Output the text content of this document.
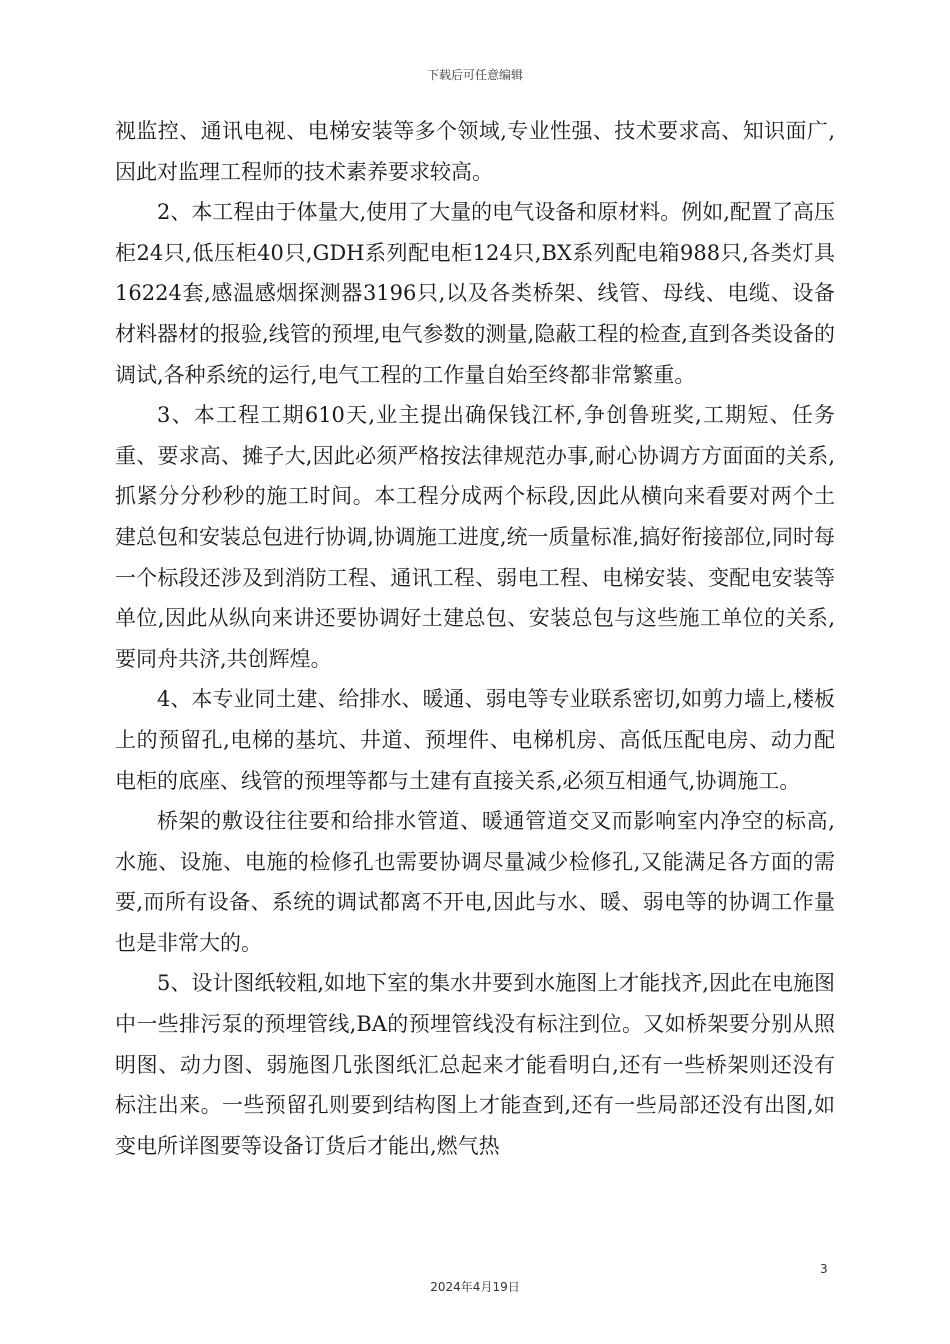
下载后可任意编辑

视监控、通讯电视、电梯安装等多个领域,专业性强、技术要求高、知识面广,因此对监理工程师的技术素养要求较高。

2、本工程由于体量大,使用了大量的电气设备和原材料。例如,配置了高压柜24只,低压柜40只,GDH系列配电柜124只,BX系列配电箱988只,各类灯具16224套,感温感烟探测器3196只,以及各类桥架、线管、母线、电缆、设备材料器材的报验,线管的预埋,电气参数的测量,隐蔽工程的检查,直到各类设备的调试,各种系统的运行,电气工程的工作量自始至终都非常繁重。

3、本工程工期610天,业主提出确保钱江杯,争创鲁班奖,工期短、任务重、要求高、摊子大,因此必须严格按法律规范办事,耐心协调方方面面的关系,抓紧分分秒秒的施工时间。本工程分成两个标段,因此从横向来看要对两个土建总包和安装总包进行协调,协调施工进度,统一质量标准,搞好衔接部位,同时每一个标段还涉及到消防工程、通讯工程、弱电工程、电梯安装、变配电安装等单位,因此从纵向来讲还要协调好土建总包、安装总包与这些施工单位的关系,要同舟共济,共创辉煌。

4、本专业同土建、给排水、暖通、弱电等专业联系密切,如剪力墙上,楼板上的预留孔,电梯的基坑、井道、预埋件、电梯机房、高低压配电房、动力配电柜的底座、线管的预埋等都与土建有直接关系,必须互相通气,协调施工。

桥架的敷设往往要和给排水管道、暖通管道交叉而影响室内净空的标高,水施、设施、电施的检修孔也需要协调尽量减少检修孔,又能满足各方面的需要,而所有设备、系统的调试都离不开电,因此与水、暖、弱电等的协调工作量也是非常大的。

5、设计图纸较粗,如地下室的集水井要到水施图上才能找齐,因此在电施图中一些排污泵的预埋管线,BA的预埋管线没有标注到位。又如桥架要分别从照明图、动力图、弱施图几张图纸汇总起来才能看明白,还有一些桥架则还没有标注出来。一些预留孔则要到结构图上才能查到,还有一些局部还没有出图,如变电所详图要等设备订货后才能出,燃气热

3
2024年4月19日
